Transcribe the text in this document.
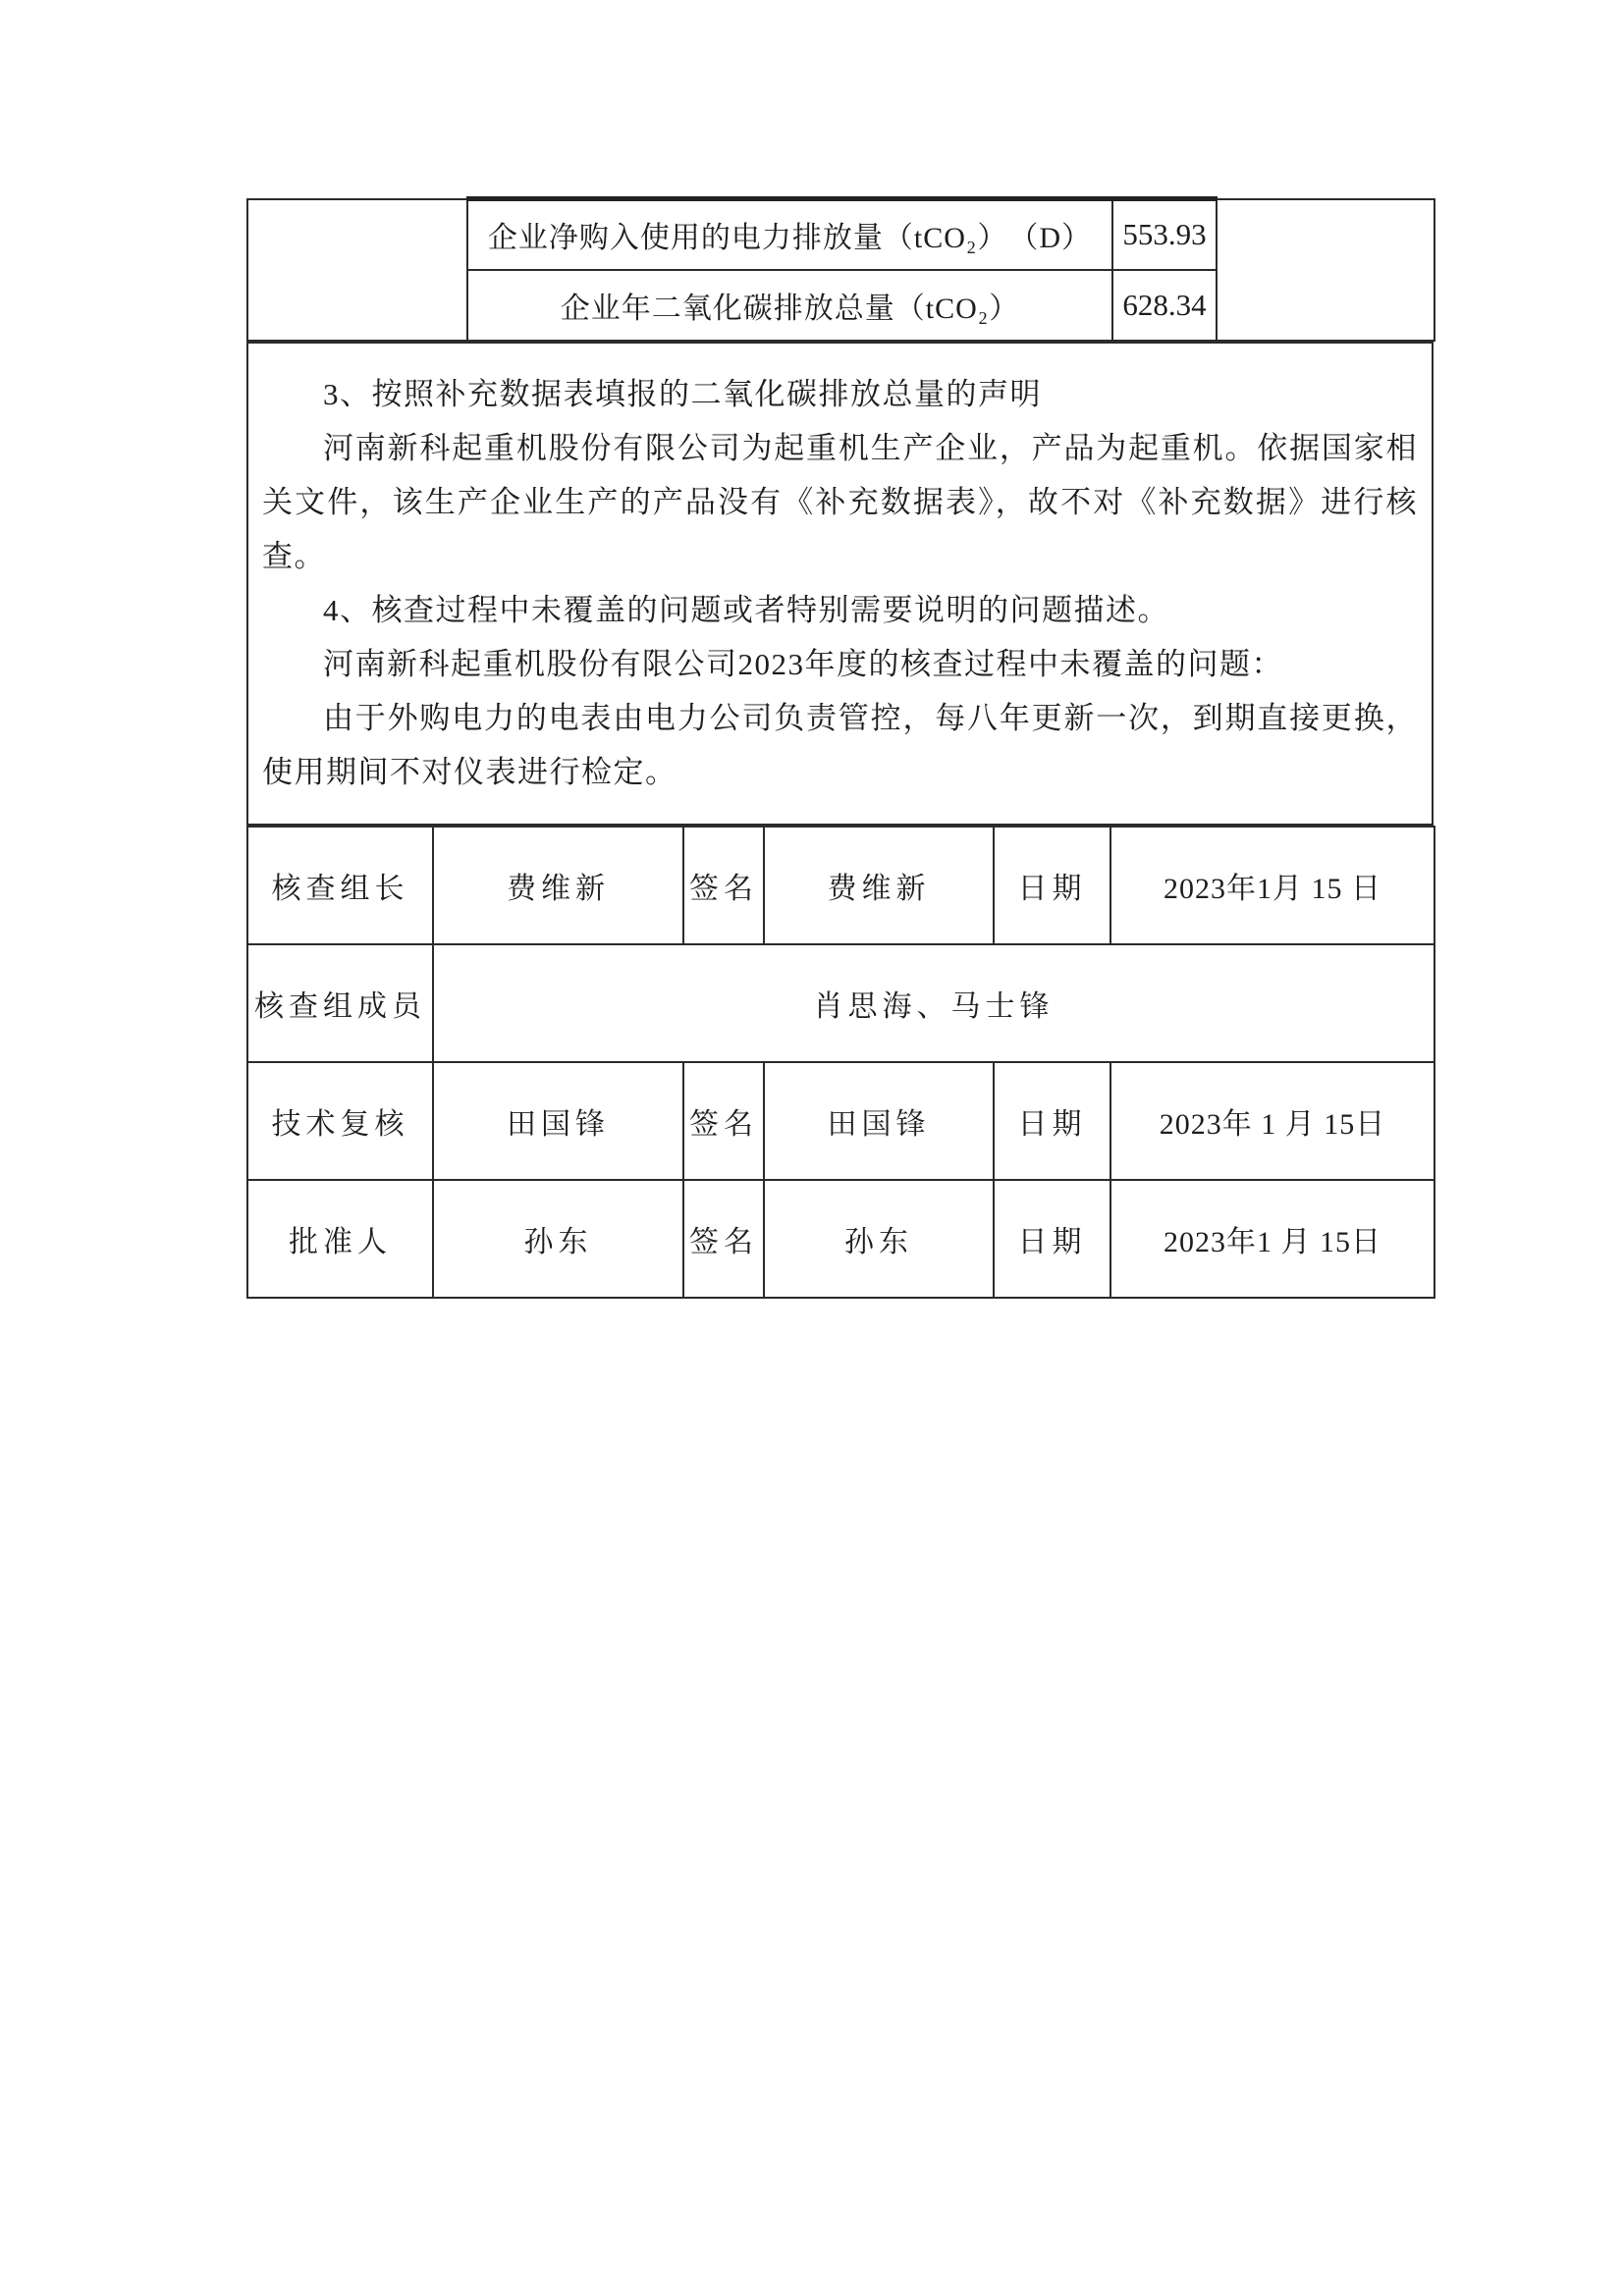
	企业净购入使用的电力排放量（tCO₂）　（D）	553.93	
	企业年二氧化碳排放总量（tCO₂）	628.34	

3、按照补充数据表填报的二氧化碳排放总量的声明

河南新科起重机股份有限公司为起重机生产企业，产品为起重机。依据国家相关文件，该生产企业生产的产品没有《补充数据表》，故不对《补充数据》进行核查。

4、核查过程中未覆盖的问题或者特别需要说明的问题描述。

河南新科起重机股份有限公司2023年度的核查过程中未覆盖的问题：

由于外购电力的电表由电力公司负责管控，每八年更新一次，到期直接更换，使用期间不对仪表进行检定。

核查组长	费维新	签名	费维新	日期	2023年1月 15 日
核查组成员	肖思海、马士锋				
技术复核	田国锋	签名	田国锋	日期	2023年 1 月 15日
批准人	孙东	签名	孙东	日期	2023年1 月 15日
